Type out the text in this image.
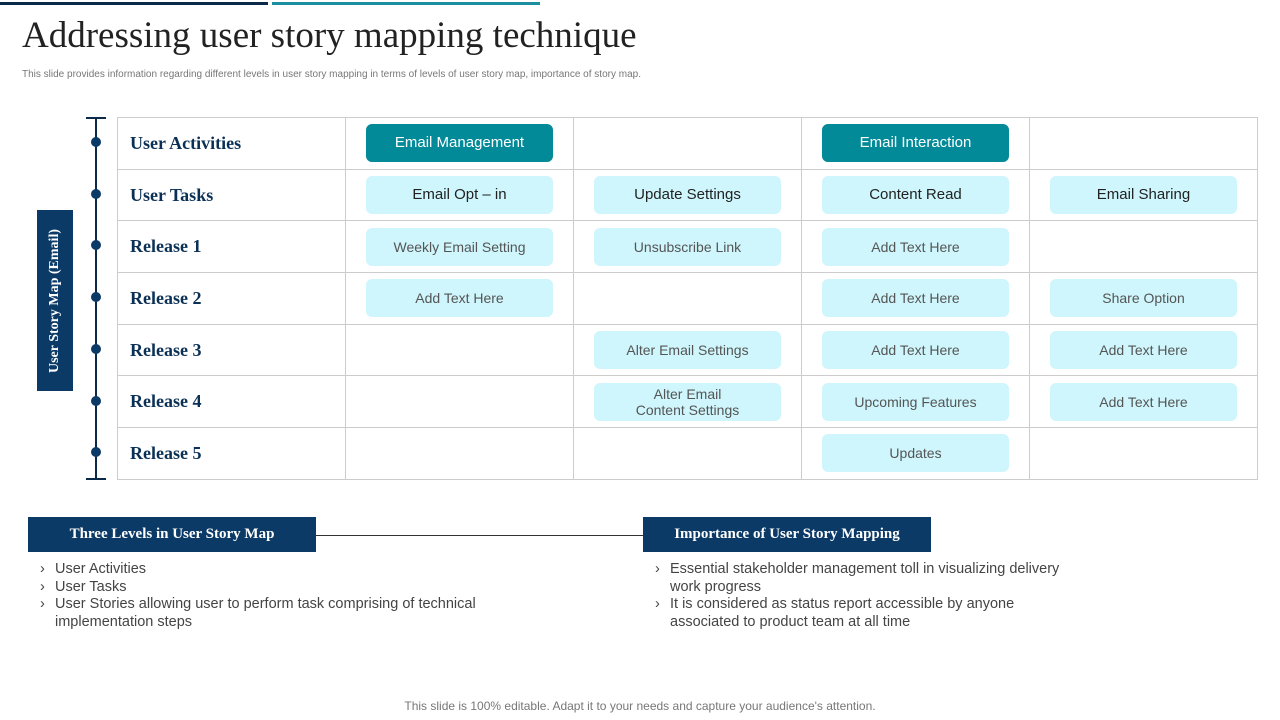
Addressing user story mapping technique
This slide provides information regarding different levels in user story mapping in terms of levels of user story map, importance of story map.
User Story Map (Email)
User Activities	Email Management		Email Interaction	

User Tasks	Email Opt – in	Update Settings	Content Read	Email Sharing

Release 1	Weekly Email Setting	Unsubscribe Link	Add Text Here	

Release 2	Add Text Here		Add Text Here	Share Option

Release 3		Alter Email Settings	Add Text Here	Add Text Here

Release 4		Alter Email
Content Settings	Upcoming Features	Add Text Here

Release 5			Updates	

Three Levels in User Story Map	Importance of User Story Mapping
› User Activities
› User Tasks
› User Stories allowing user to perform task comprising of technical implementation steps
› Essential stakeholder management toll in visualizing delivery work progress
› It is considered as status report accessible by anyone associated to product team at all time
This slide is 100% editable. Adapt it to your needs and capture your audience's attention.
